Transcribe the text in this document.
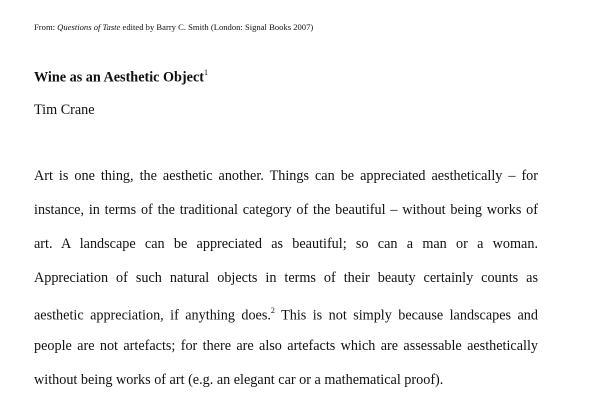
From: Questions of Taste edited by Barry C. Smith (London: Signal Books 2007)
Wine as an Aesthetic Object$^1$
Tim Crane
Art is one thing, the aesthetic another. Things can be appreciated aesthetically – for
instance, in terms of the traditional category of the beautiful – without being works of
art. A landscape can be appreciated as beautiful; so can a man or a woman.
Appreciation of such natural objects in terms of their beauty certainly counts as
aesthetic appreciation, if anything does.$^2$ This is not simply because landscapes and
people are not artefacts; for there are also artefacts which are assessable aesthetically
without being works of art (e.g. an elegant car or a mathematical proof).
